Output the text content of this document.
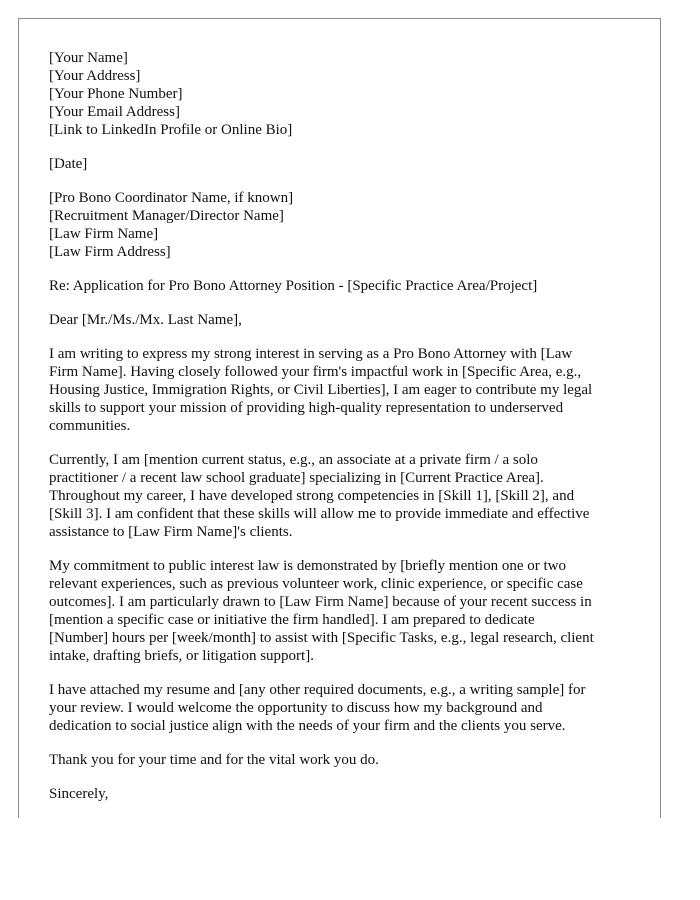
[Your Name]
[Your Address]
[Your Phone Number]
[Your Email Address]
[Link to LinkedIn Profile or Online Bio]
[Date]
[Pro Bono Coordinator Name, if known]
[Recruitment Manager/Director Name]
[Law Firm Name]
[Law Firm Address]
Re: Application for Pro Bono Attorney Position - [Specific Practice Area/Project]
Dear [Mr./Ms./Mx. Last Name],
I am writing to express my strong interest in serving as a Pro Bono Attorney with [Law
Firm Name]. Having closely followed your firm's impactful work in [Specific Area, e.g.,
Housing Justice, Immigration Rights, or Civil Liberties], I am eager to contribute my legal
skills to support your mission of providing high-quality representation to underserved
communities.
Currently, I am [mention current status, e.g., an associate at a private firm / a solo
practitioner / a recent law school graduate] specializing in [Current Practice Area].
Throughout my career, I have developed strong competencies in [Skill 1], [Skill 2], and
[Skill 3]. I am confident that these skills will allow me to provide immediate and effective
assistance to [Law Firm Name]'s clients.
My commitment to public interest law is demonstrated by [briefly mention one or two
relevant experiences, such as previous volunteer work, clinic experience, or specific case
outcomes]. I am particularly drawn to [Law Firm Name] because of your recent success in
[mention a specific case or initiative the firm handled]. I am prepared to dedicate
[Number] hours per [week/month] to assist with [Specific Tasks, e.g., legal research, client
intake, drafting briefs, or litigation support].
I have attached my resume and [any other required documents, e.g., a writing sample] for
your review. I would welcome the opportunity to discuss how my background and
dedication to social justice align with the needs of your firm and the clients you serve.
Thank you for your time and for the vital work you do.
Sincerely,
